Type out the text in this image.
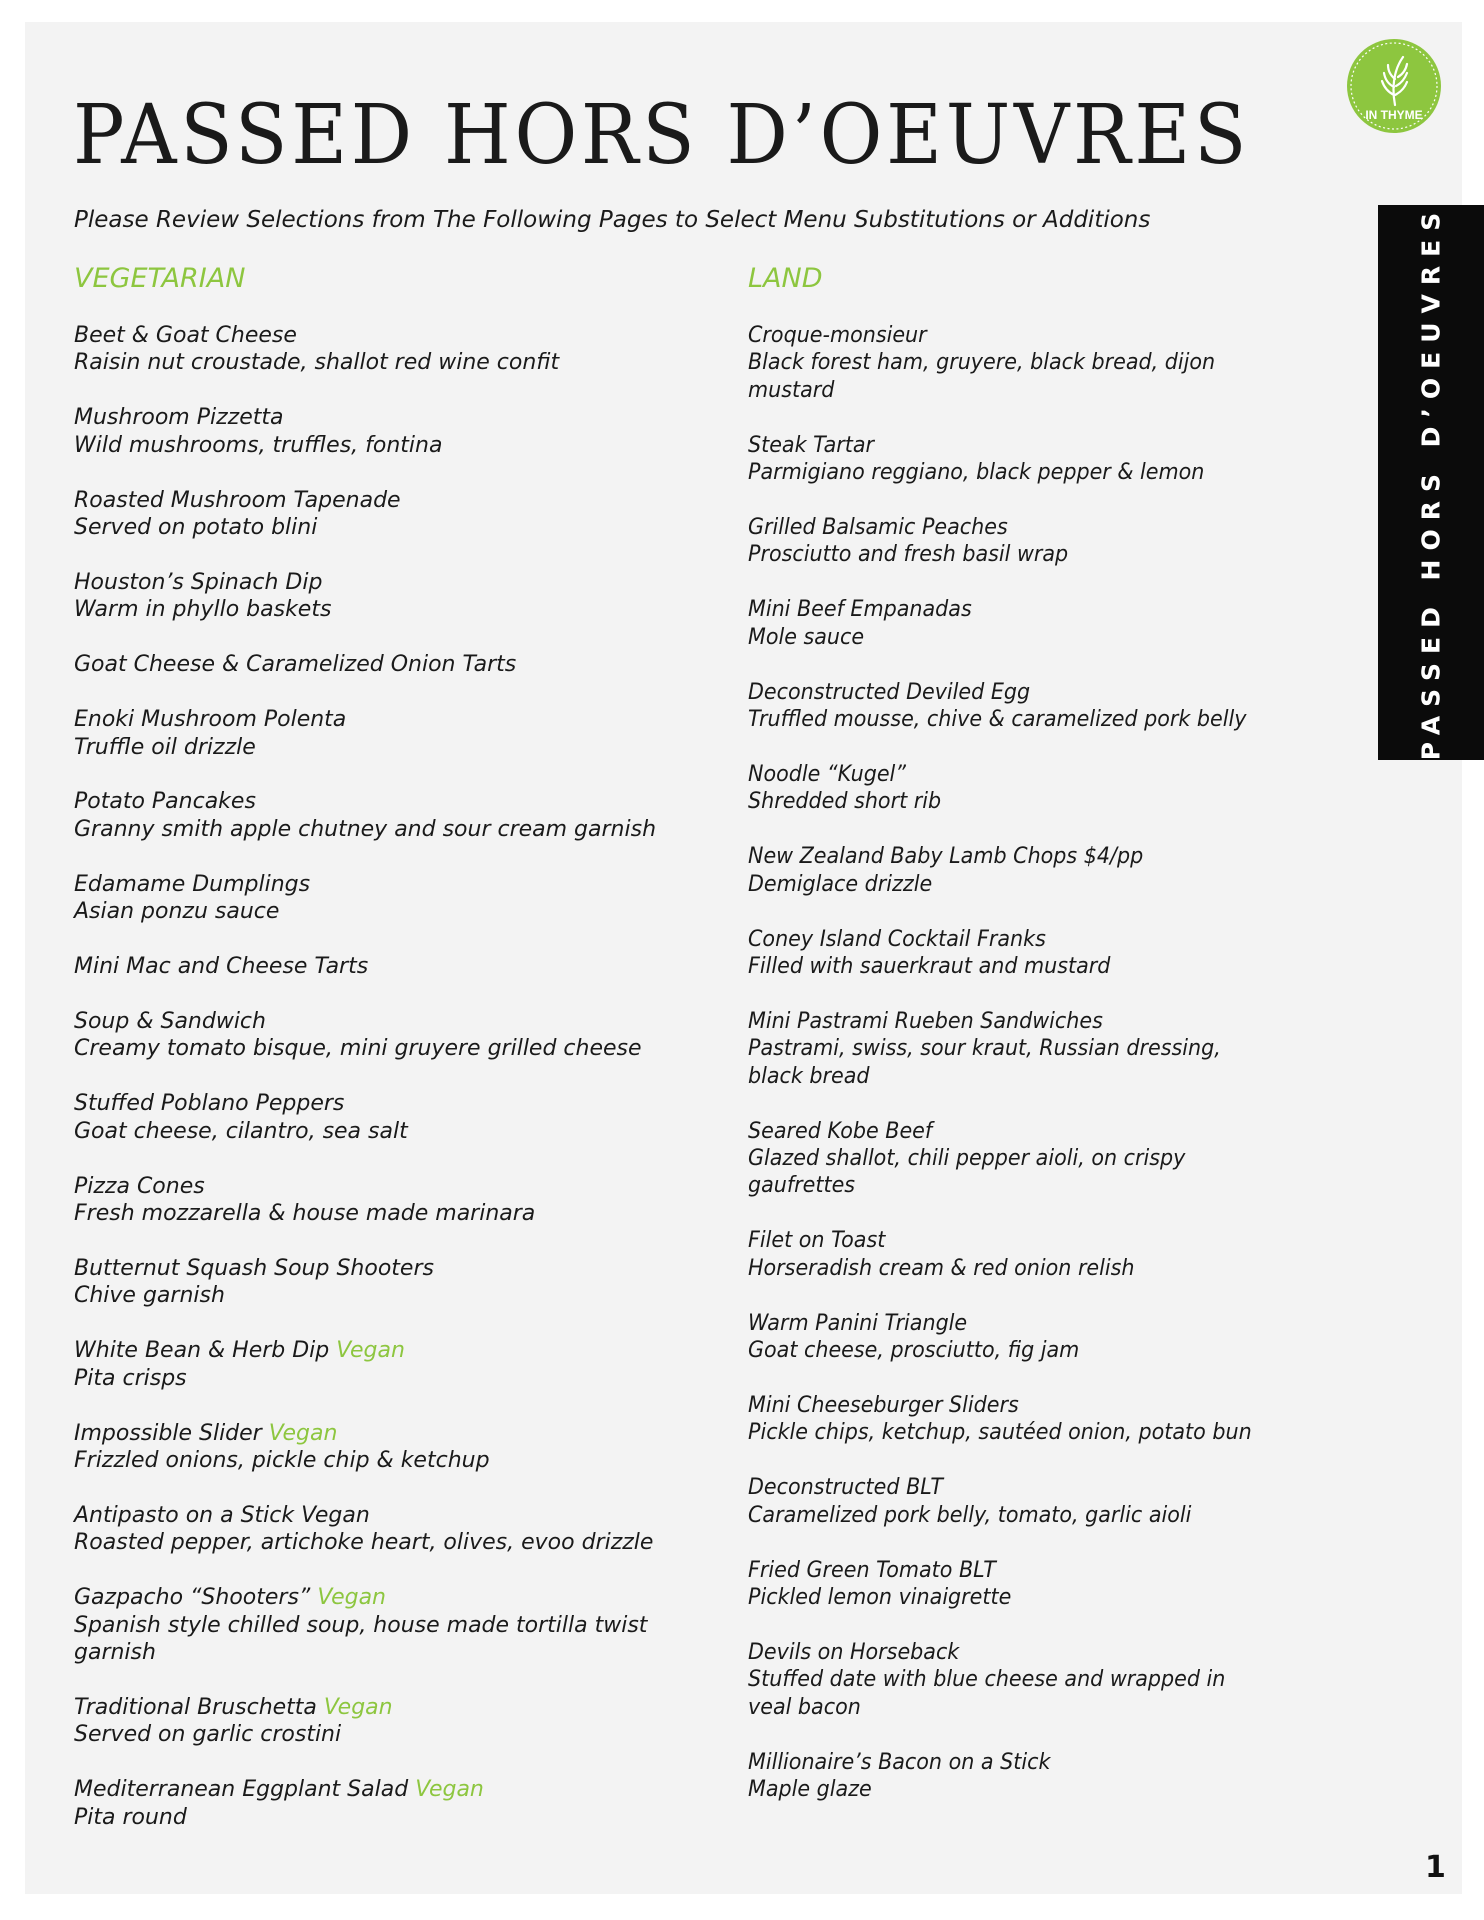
PASSED HORS D’OEUVRES

Please Review Selections from The Following Pages to Select Menu Substitutions or Additions

IN THYME
PASSED HORS D’OEUVRES
VEGETARIAN
Beet & Goat Cheese
Raisin nut croustade, shallot red wine confit
Mushroom Pizzetta
Wild mushrooms, truffles, fontina
Roasted Mushroom Tapenade
Served on potato blini
Houston’s Spinach Dip
Warm in phyllo baskets
Goat Cheese & Caramelized Onion Tarts
Enoki Mushroom Polenta
Truffle oil drizzle
Potato Pancakes
Granny smith apple chutney and sour cream garnish
Edamame Dumplings
Asian ponzu sauce
Mini Mac and Cheese Tarts
Soup & Sandwich
Creamy tomato bisque, mini gruyere grilled cheese
Stuffed Poblano Peppers
Goat cheese, cilantro, sea salt
Pizza Cones
Fresh mozzarella & house made marinara
Butternut Squash Soup Shooters
Chive garnish
White Bean & Herb Dip Vegan
Pita crisps
Impossible Slider Vegan
Frizzled onions, pickle chip & ketchup
Antipasto on a Stick Vegan
Roasted pepper, artichoke heart, olives, evoo drizzle
Gazpacho “Shooters” Vegan
Spanish style chilled soup, house made tortilla twist
garnish
Traditional Bruschetta Vegan
Served on garlic crostini
Mediterranean Eggplant Salad Vegan
Pita round
LAND
Croque-monsieur
Black forest ham, gruyere, black bread, dijon
mustard
Steak Tartar
Parmigiano reggiano, black pepper & lemon
Grilled Balsamic Peaches
Prosciutto and fresh basil wrap
Mini Beef Empanadas
Mole sauce
Deconstructed Deviled Egg
Truffled mousse, chive & caramelized pork belly
Noodle “Kugel”
Shredded short rib
New Zealand Baby Lamb Chops $4/pp
Demiglace drizzle
Coney Island Cocktail Franks
Filled with sauerkraut and mustard
Mini Pastrami Rueben Sandwiches
Pastrami, swiss, sour kraut, Russian dressing,
black bread
Seared Kobe Beef
Glazed shallot, chili pepper aioli, on crispy
gaufrettes
Filet on Toast
Horseradish cream & red onion relish
Warm Panini Triangle
Goat cheese, prosciutto, fig jam
Mini Cheeseburger Sliders
Pickle chips, ketchup, sautéed onion, potato bun
Deconstructed BLT
Caramelized pork belly, tomato, garlic aioli
Fried Green Tomato BLT
Pickled lemon vinaigrette
Devils on Horseback
Stuffed date with blue cheese and wrapped in
veal bacon
Millionaire’s Bacon on a Stick
Maple glaze
1
